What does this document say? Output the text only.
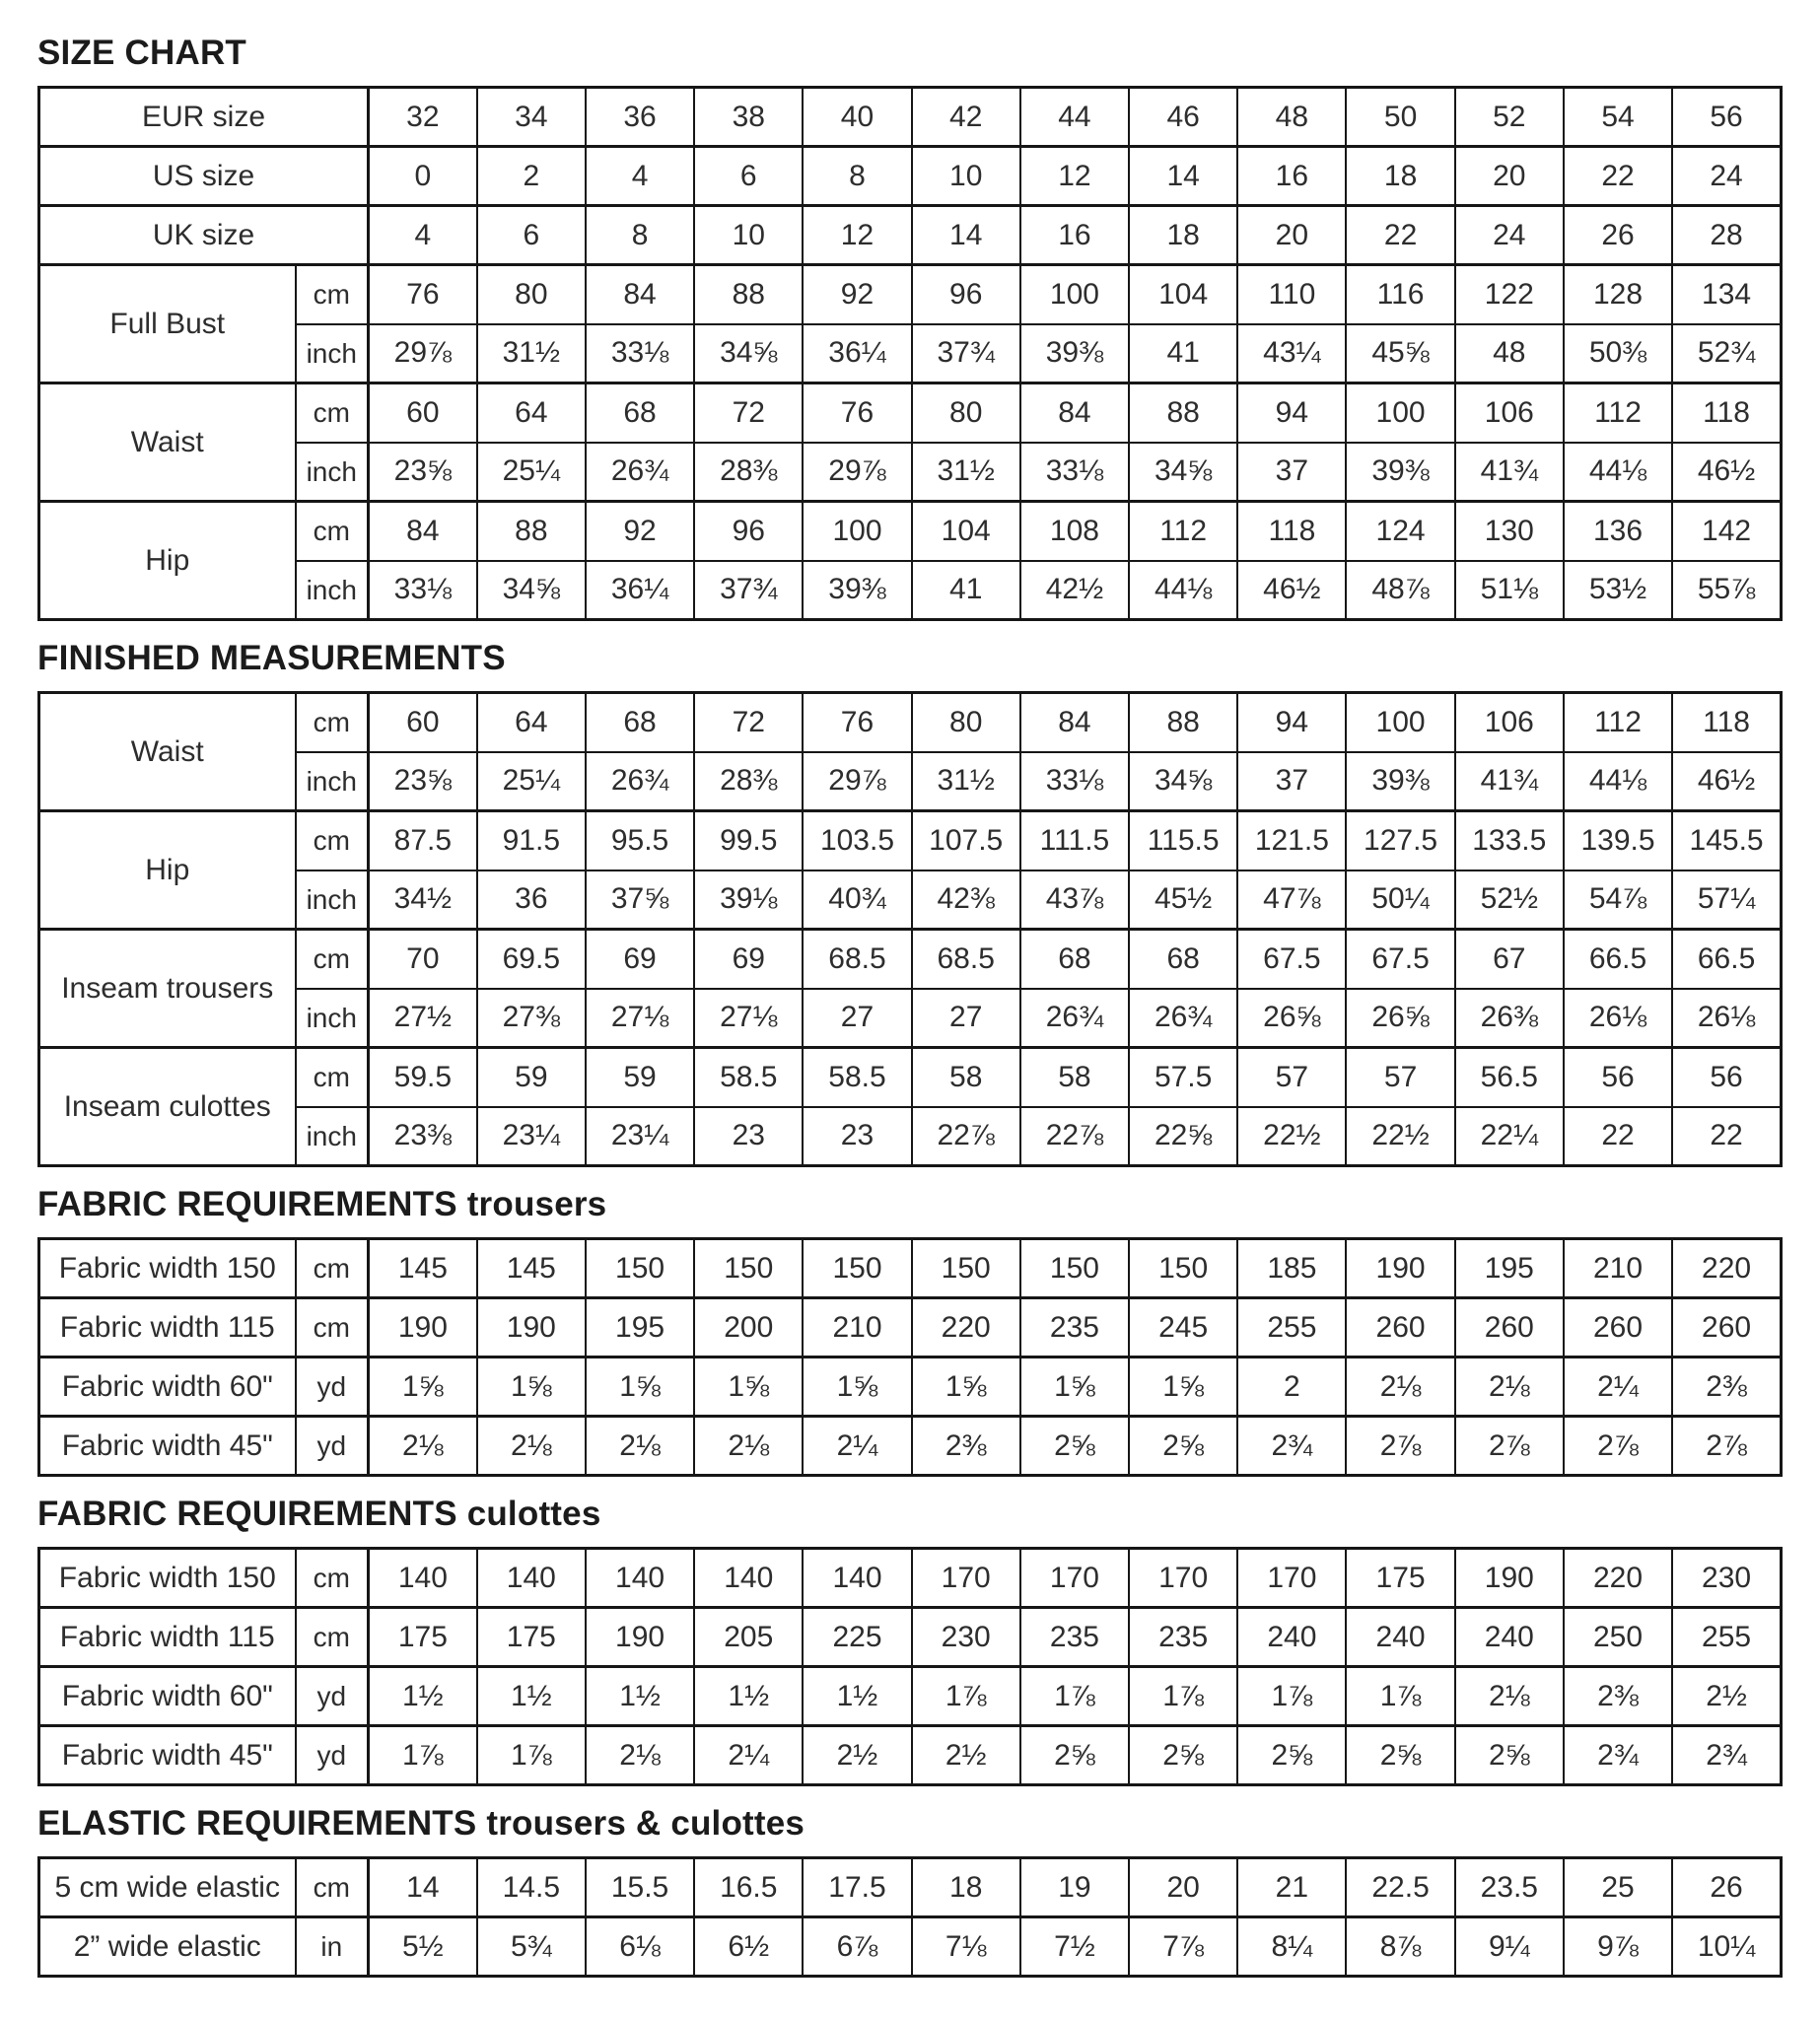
SIZE CHART
EUR size		32	34	36	38	40	42	44	46	48	50	52	54	56
US size		0	2	4	6	8	10	12	14	16	18	20	22	24
UK size		4	6	8	10	12	14	16	18	20	22	24	26	28
Full Bust	cm	76	80	84	88	92	96	100	104	110	116	122	128	134
	inch	29⅞	31½	33⅛	34⅝	36¼	37¾	39⅜	41	43¼	45⅝	48	50⅜	52¾
Waist	cm	60	64	68	72	76	80	84	88	94	100	106	112	118
	inch	23⅝	25¼	26¾	28⅜	29⅞	31½	33⅛	34⅝	37	39⅜	41¾	44⅛	46½
Hip	cm	84	88	92	96	100	104	108	112	118	124	130	136	142
	inch	33⅛	34⅝	36¼	37¾	39⅜	41	42½	44⅛	46½	48⅞	51⅛	53½	55⅞
FINISHED MEASUREMENTS
Waist	cm	60	64	68	72	76	80	84	88	94	100	106	112	118
	inch	23⅝	25¼	26¾	28⅜	29⅞	31½	33⅛	34⅝	37	39⅜	41¾	44⅛	46½
Hip	cm	87.5	91.5	95.5	99.5	103.5	107.5	111.5	115.5	121.5	127.5	133.5	139.5	145.5
	inch	34½	36	37⅝	39⅛	40¾	42⅜	43⅞	45½	47⅞	50¼	52½	54⅞	57¼
Inseam trousers	cm	70	69.5	69	69	68.5	68.5	68	68	67.5	67.5	67	66.5	66.5
	inch	27½	27⅜	27⅛	27⅛	27	27	26¾	26¾	26⅝	26⅝	26⅜	26⅛	26⅛
Inseam culottes	cm	59.5	59	59	58.5	58.5	58	58	57.5	57	57	56.5	56	56
	inch	23⅜	23¼	23¼	23	23	22⅞	22⅞	22⅝	22½	22½	22¼	22	22
FABRIC REQUIREMENTS trousers
Fabric width 150	cm	145	145	150	150	150	150	150	150	185	190	195	210	220
Fabric width 115	cm	190	190	195	200	210	220	235	245	255	260	260	260	260
Fabric width 60"	yd	1⅝	1⅝	1⅝	1⅝	1⅝	1⅝	1⅝	1⅝	2	2⅛	2⅛	2¼	2⅜
Fabric width 45"	yd	2⅛	2⅛	2⅛	2⅛	2¼	2⅜	2⅝	2⅝	2¾	2⅞	2⅞	2⅞	2⅞
FABRIC REQUIREMENTS culottes
Fabric width 150	cm	140	140	140	140	140	170	170	170	170	175	190	220	230
Fabric width 115	cm	175	175	190	205	225	230	235	235	240	240	240	250	255
Fabric width 60"	yd	1½	1½	1½	1½	1½	1⅞	1⅞	1⅞	1⅞	1⅞	2⅛	2⅜	2½
Fabric width 45"	yd	1⅞	1⅞	2⅛	2¼	2½	2½	2⅝	2⅝	2⅝	2⅝	2⅝	2¾	2¾
ELASTIC REQUIREMENTS trousers & culottes
5 cm wide elastic	cm	14	14.5	15.5	16.5	17.5	18	19	20	21	22.5	23.5	25	26
2” wide elastic	in	5½	5¾	6⅛	6½	6⅞	7⅛	7½	7⅞	8¼	8⅞	9¼	9⅞	10¼
